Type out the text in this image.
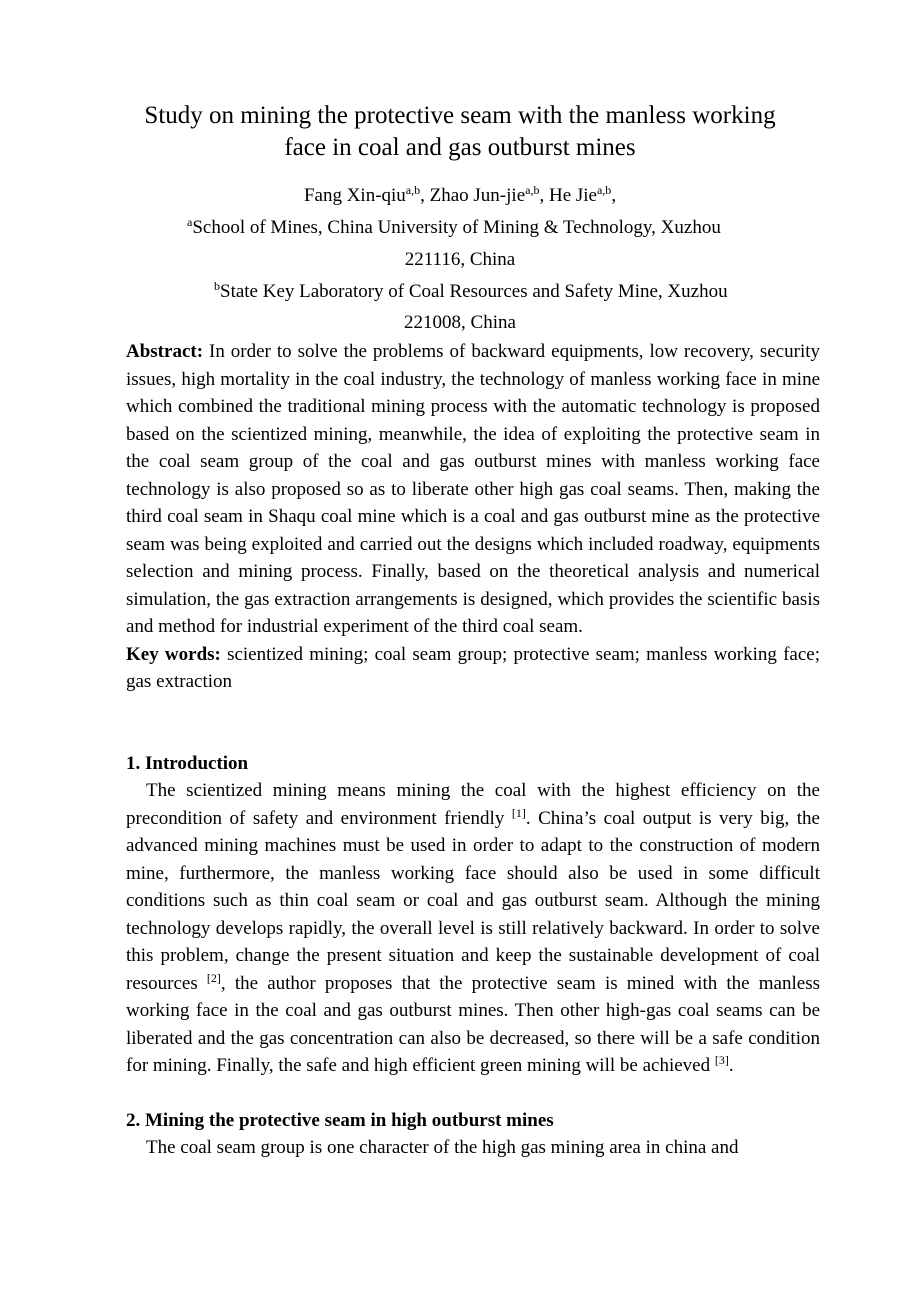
Study on mining the protective seam with the manless working
face in coal and gas outburst mines
Fang Xin-qiu$^{a,b}$, Zhao Jun-jie$^{a,b}$, He Jie$^{a,b}$,
$^a$School of Mines, China University of Mining & Technology, Xuzhou
221116, China
$^b$State Key Laboratory of Coal Resources and Safety Mine, Xuzhou
221008, China

Abstract: In order to solve the problems of backward equipments, low recovery, security issues, high mortality in the coal industry, the technology of manless working face in mine which combined the traditional mining process with the automatic technology is proposed based on the scientized mining, meanwhile, the idea of exploiting the protective seam in the coal seam group of the coal and gas outburst mines with manless working face technology is also proposed so as to liberate other high gas coal seams. Then, making the third coal seam in Shaqu coal mine which is a coal and gas outburst mine as the protective seam was being exploited and carried out the designs which included roadway, equipments selection and mining process. Finally, based on the theoretical analysis and numerical simulation, the gas extraction arrangements is designed, which provides the scientific basis and method for industrial experiment of the third coal seam.

Key words: scientized mining; coal seam group; protective seam; manless working face; gas extraction

1. Introduction

The scientized mining means mining the coal with the highest efficiency on the precondition of safety and environment friendly [1]. China’s coal output is very big, the advanced mining machines must be used in order to adapt to the construction of modern mine, furthermore, the manless working face should also be used in some difficult conditions such as thin coal seam or coal and gas outburst seam. Although the mining technology develops rapidly, the overall level is still relatively backward. In order to solve this problem, change the present situation and keep the sustainable development of coal resources [2], the author proposes that the protective seam is mined with the manless working face in the coal and gas outburst mines. Then other high-gas coal seams can be liberated and the gas concentration can also be decreased, so there will be a safe condition for mining. Finally, the safe and high efficient green mining will be achieved [3].

2. Mining the protective seam in high outburst mines

The coal seam group is one character of the high gas mining area in china and
